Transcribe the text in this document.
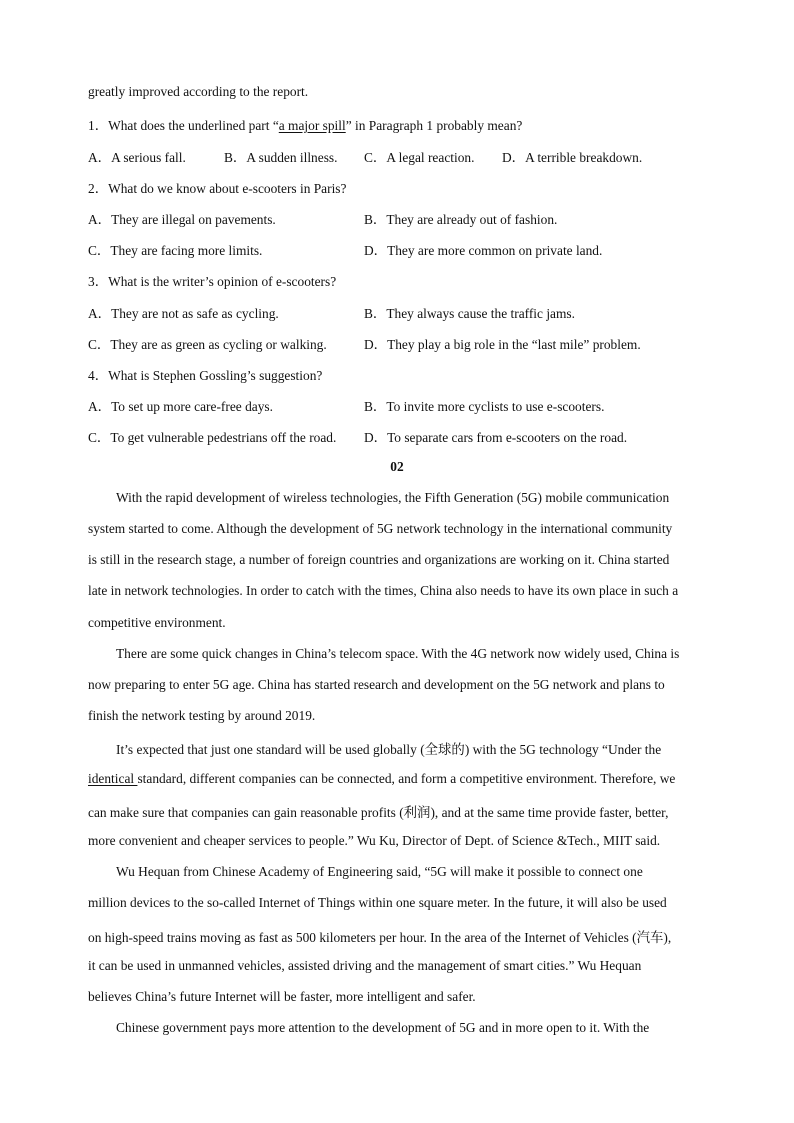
greatly improved according to the report.
1．What does the underlined part “a major spill” in Paragraph 1 probably mean?
A．A serious fall.	B．A sudden illness. C．A legal reaction. D．A terrible breakdown.
2．What do we know about e-scooters in Paris?
A．They are illegal on pavements.	B．They are already out of fashion.
C．They are facing more limits.	D．They are more common on private land.
3．What is the writer’s opinion of e-scooters?
A．They are not as safe as cycling.	B．They always cause the traffic jams.
C．They are as green as cycling or walking.	D．They play a big role in the “last mile” problem.
4．What is Stephen Gossling’s suggestion?
A．To set up more care-free days.	B．To invite more cyclists to use e-scooters.
C．To get vulnerable pedestrians off the road. D．To separate cars from e-scooters on the road.
02
With the rapid development of wireless technologies, the Fifth Generation (5G) mobile communication
system started to come. Although the development of 5G network technology in the international community
is still in the research stage, a number of foreign countries and organizations are working on it. China started
late in network technologies. In order to catch with the times, China also needs to have its own place in such a
competitive environment.
There are some quick changes in China’s telecom space. With the 4G network now widely used, China is
now preparing to enter 5G age. China has started research and development on the 5G network and plans to
finish the network testing by around 2019.
It’s expected that just one standard will be used globally (全球的) with the 5G technology “Under the
identical standard, different companies can be connected, and form a competitive environment. Therefore, we
can make sure that companies can gain reasonable profits (利润), and at the same time provide faster, better,
more convenient and cheaper services to people.” Wu Ku, Director of Dept. of Science &Tech., MIIT said.
Wu Hequan from Chinese Academy of Engineering said, “5G will make it possible to connect one
million devices to the so-called Internet of Things within one square meter. In the future, it will also be used
on high-speed trains moving as fast as 500 kilometers per hour. In the area of the Internet of Vehicles (汽车),
it can be used in unmanned vehicles, assisted driving and the management of smart cities.” Wu Hequan
believes China’s future Internet will be faster, more intelligent and safer.
Chinese government pays more attention to the development of 5G and in more open to it. With the
